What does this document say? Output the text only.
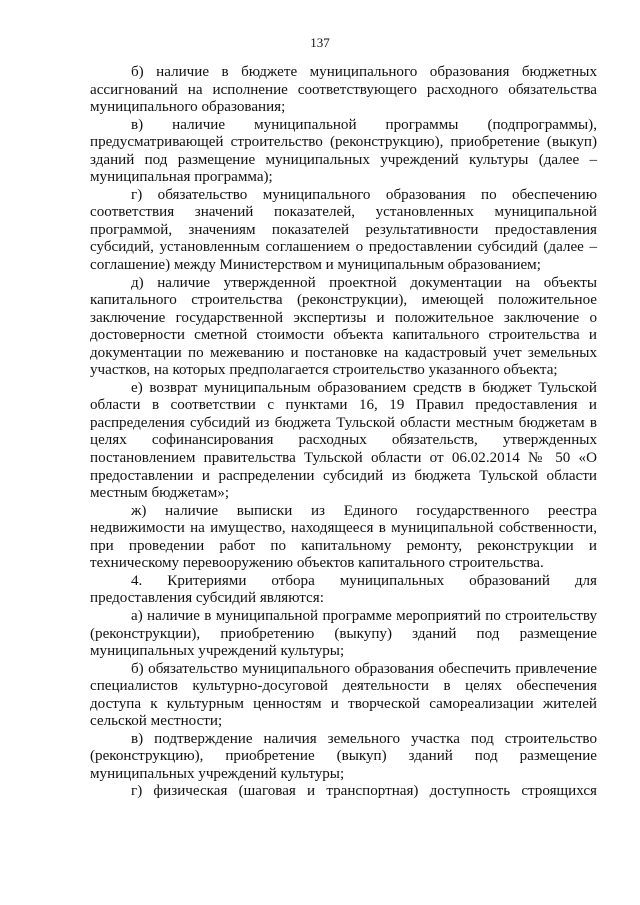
137

б) наличие в бюджете муниципального образования бюджетных ассигнований на исполнение соответствующего расходного обязательства муниципального образования;

в) наличие муниципальной программы (подпрограммы), предусматривающей строительство (реконструкцию), приобретение (выкуп) зданий под размещение муниципальных учреждений культуры (далее – муниципальная программа);

г) обязательство муниципального образования по обеспечению соответствия значений показателей, установленных муниципальной программой, значениям показателей результативности предоставления субсидий, установленным соглашением о предоставлении субсидий (далее – соглашение) между Министерством и муниципальным образованием;

д) наличие утвержденной проектной документации на объекты капитального строительства (реконструкции), имеющей положительное заключение государственной экспертизы и положительное заключение о достоверности сметной стоимости объекта капитального строительства и документации по межеванию и постановке на кадастровый учет земельных участков, на которых предполагается строительство указанного объекта;

е) возврат муниципальным образованием средств в бюджет Тульской области в соответствии с пунктами 16, 19 Правил предоставления и распределения субсидий из бюджета Тульской области местным бюджетам в целях софинансирования расходных обязательств, утвержденных постановлением правительства Тульской области от 06.02.2014 № 50 «О предоставлении и распределении субсидий из бюджета Тульской области местным бюджетам»;

ж) наличие выписки из Единого государственного реестра недвижимости на имущество, находящееся в муниципальной собственности, при проведении работ по капитальному ремонту, реконструкции и техническому перевооружению объектов капитального строительства.

4. Критериями отбора муниципальных образований для предоставления субсидий являются:

а) наличие в муниципальной программе мероприятий по строительству (реконструкции), приобретению (выкупу) зданий под размещение муниципальных учреждений культуры;

б) обязательство муниципального образования обеспечить привлечение специалистов культурно-досуговой деятельности в целях обеспечения доступа к культурным ценностям и творческой самореализации жителей сельской местности;

в) подтверждение наличия земельного участка под строительство (реконструкцию), приобретение (выкуп) зданий под размещение муниципальных учреждений культуры;

г) физическая (шаговая и транспортная) доступность строящихся
